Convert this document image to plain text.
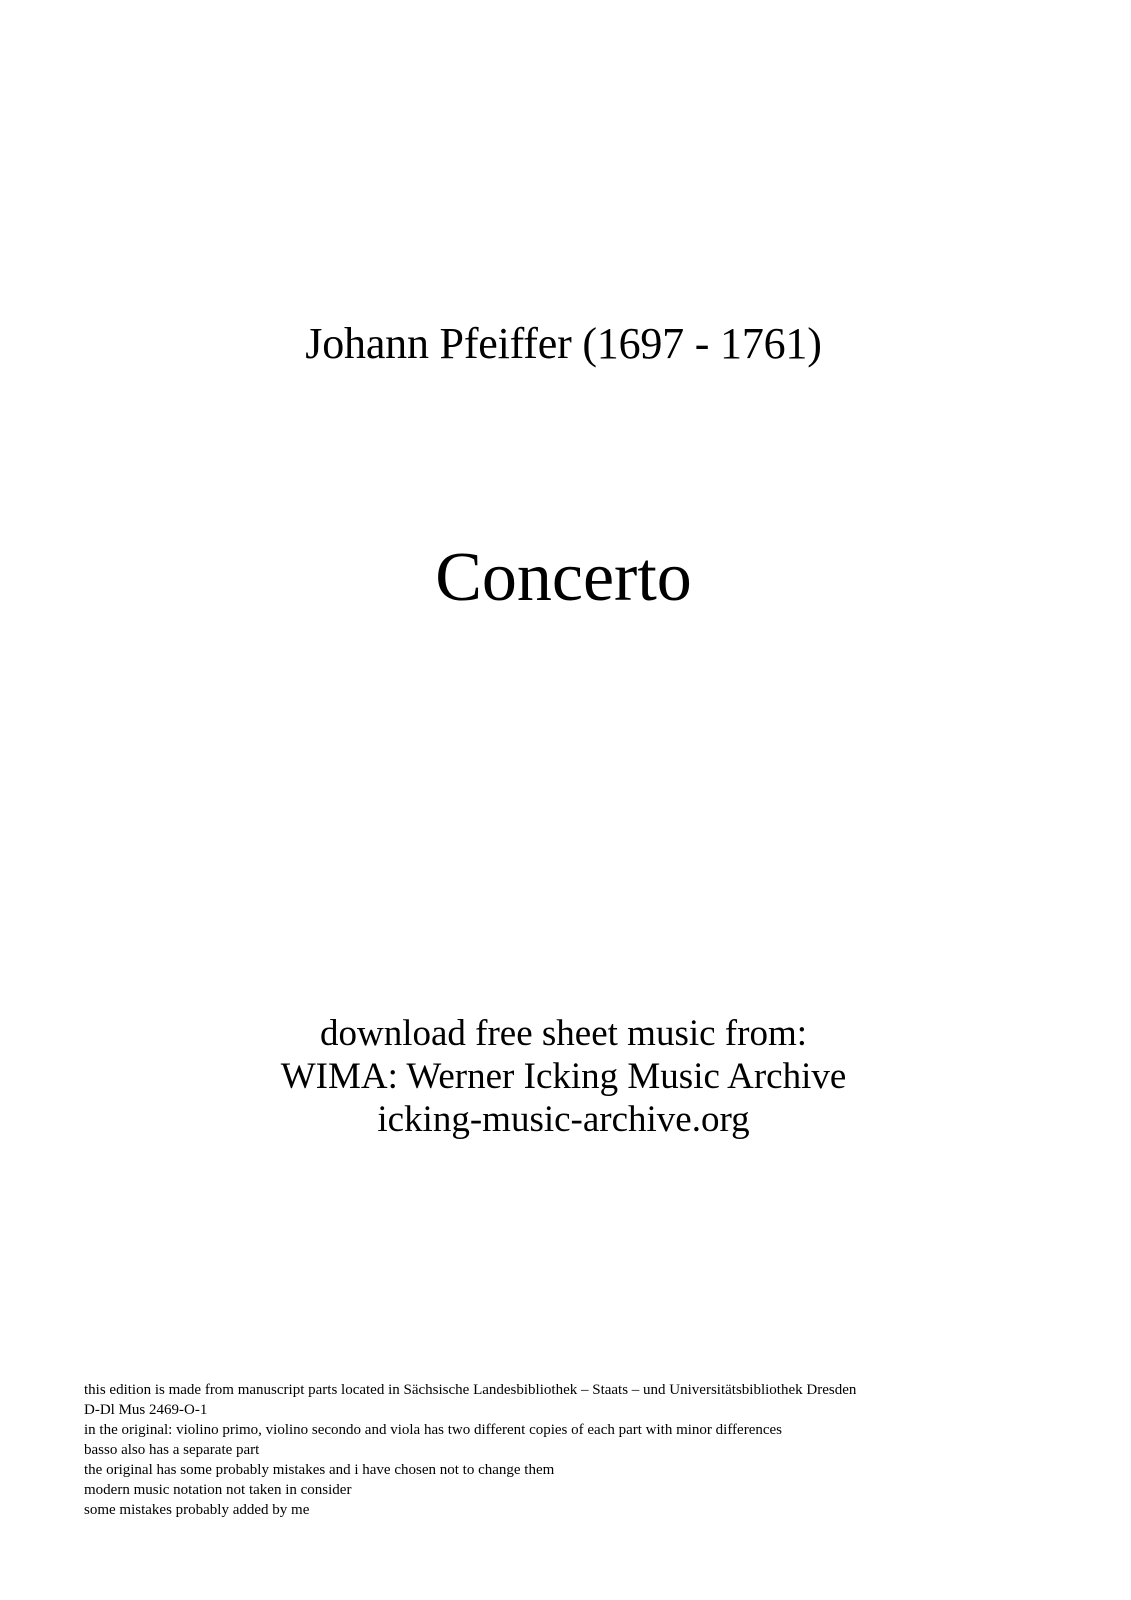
Johann Pfeiffer (1697 - 1761)
Concerto
download free sheet music from:
WIMA: Werner Icking Music Archive
icking-music-archive.org
this edition is made from manuscript parts located in Sächsische Landesbibliothek – Staats – und Universitätsbibliothek Dresden
D-Dl Mus 2469-O-1
in the original: violino primo, violino secondo and viola has two different copies of each part with minor differences
basso also has a separate part
the original has some probably mistakes and i have chosen not to change them
modern music notation not taken in consider
some mistakes probably added by me
